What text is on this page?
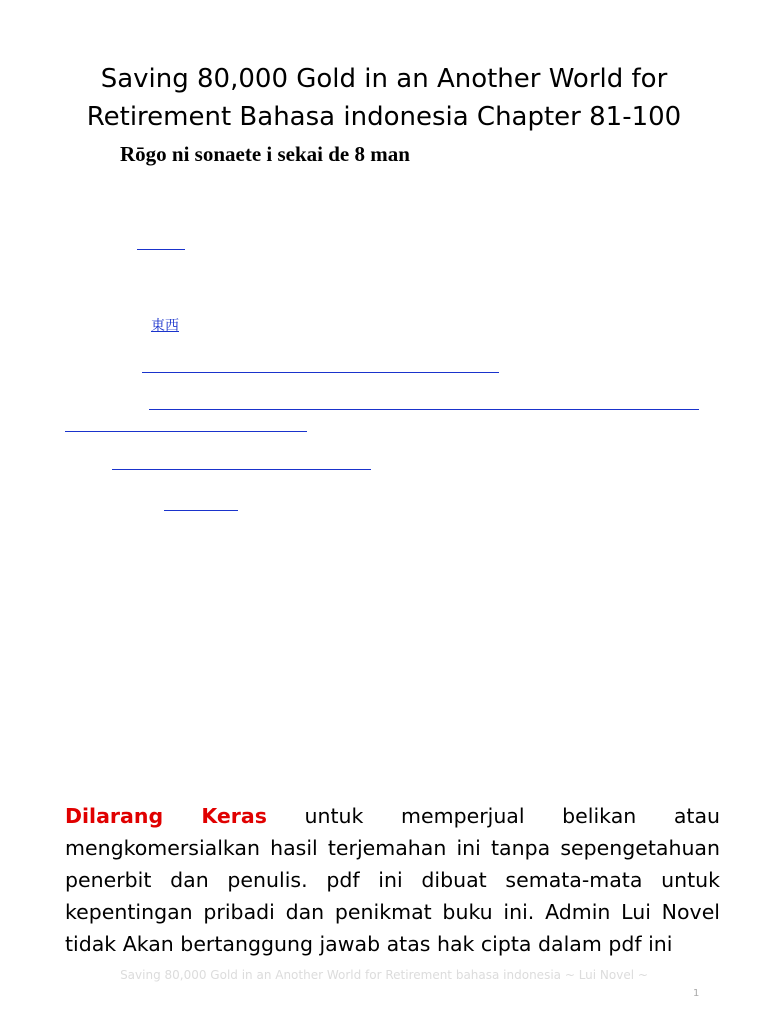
Saving 80,000 Gold in an Another World for
Retirement Bahasa indonesia Chapter 81-100
Rōgo ni sonaete i sekai de 8 man
東西
Dilarang Keras untuk memperjual belikan atau mengkomersialkan hasil terjemahan ini tanpa sepengetahuan penerbit dan penulis. pdf ini dibuat semata-mata untuk kepentingan pribadi dan penikmat buku ini. Admin Lui Novel tidak Akan bertanggung jawab atas hak cipta dalam pdf ini
Saving 80,000 Gold in an Another World for Retirement bahasa indonesia ~ Lui Novel ~
1
